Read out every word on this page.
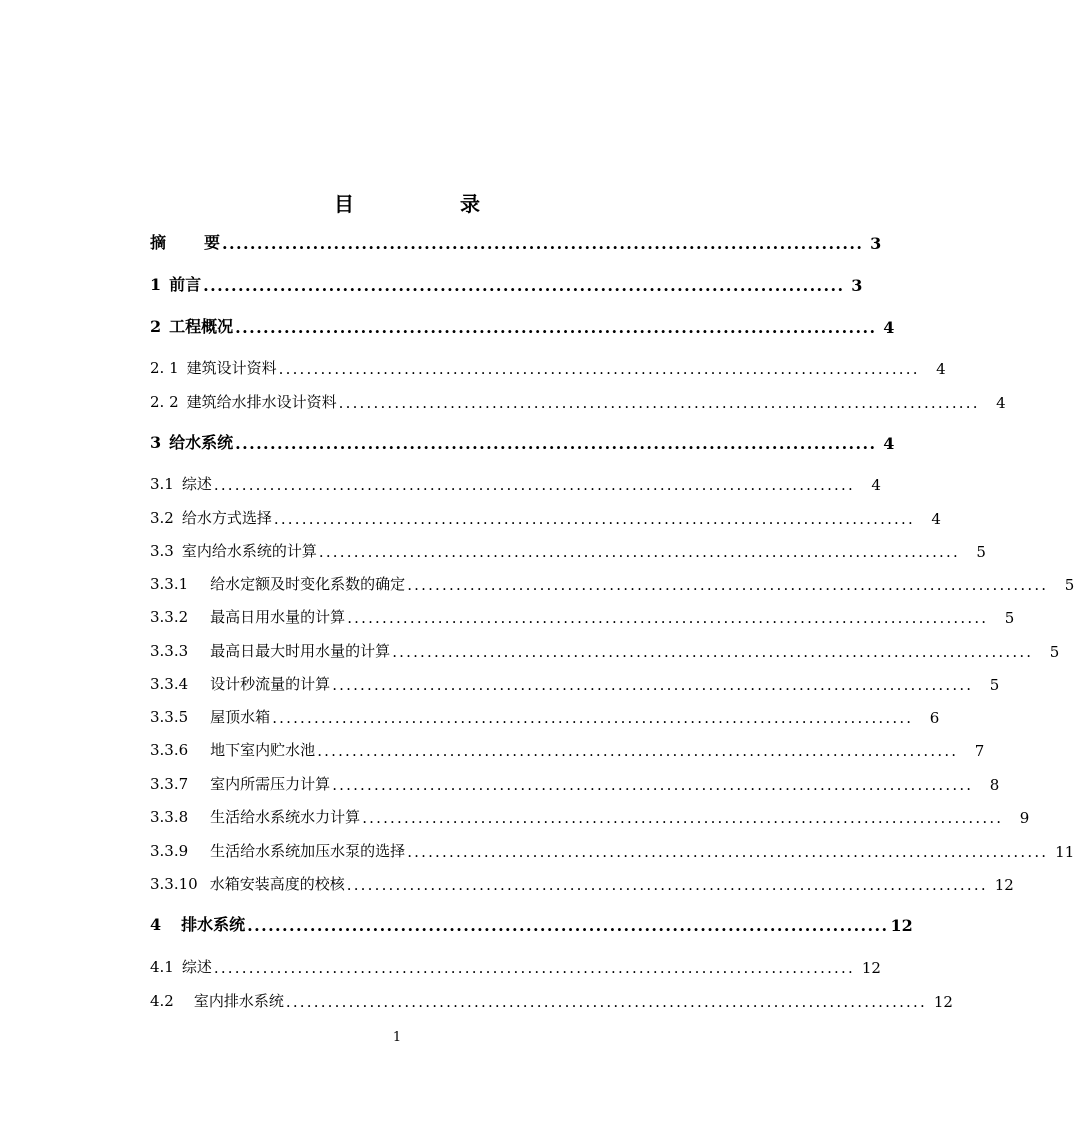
目	录
摘 要 ............................................................................................ 3
1 前言 ............................................................................................ 3
2 工程概况 ............................................................................................ 4
2. 1 建筑设计资料 ............................................................................................	4
2. 2 建筑给水排水设计资料 ............................................................................................	4
3 给水系统 ............................................................................................ 4
3.1 综述 ............................................................................................	4
3.2 给水方式选择 ............................................................................................	4
3.3 室内给水系统的计算 ............................................................................................	5
3.3.1 给水定额及时变化系数的确定 ............................................................................................	5
3.3.2 最高日用水量的计算 ............................................................................................	5
3.3.3 最高日最大时用水量的计算 ............................................................................................	5
3.3.4 设计秒流量的计算 ............................................................................................	5
3.3.5 屋顶水箱 ............................................................................................	6
3.3.6 地下室内贮水池 ............................................................................................	7
3.3.7 室内所需压力计算 ............................................................................................	8
3.3.8 生活给水系统水力计算 ............................................................................................	9
3.3.9 生活给水系统加压水泵的选择 ............................................................................................ 11
3.3.10 水箱安装高度的校核 ............................................................................................ 12
4 排水系统 ............................................................................................ 12
4.1 综述 ............................................................................................ 12
4.2 室内排水系统 ............................................................................................ 12
1
